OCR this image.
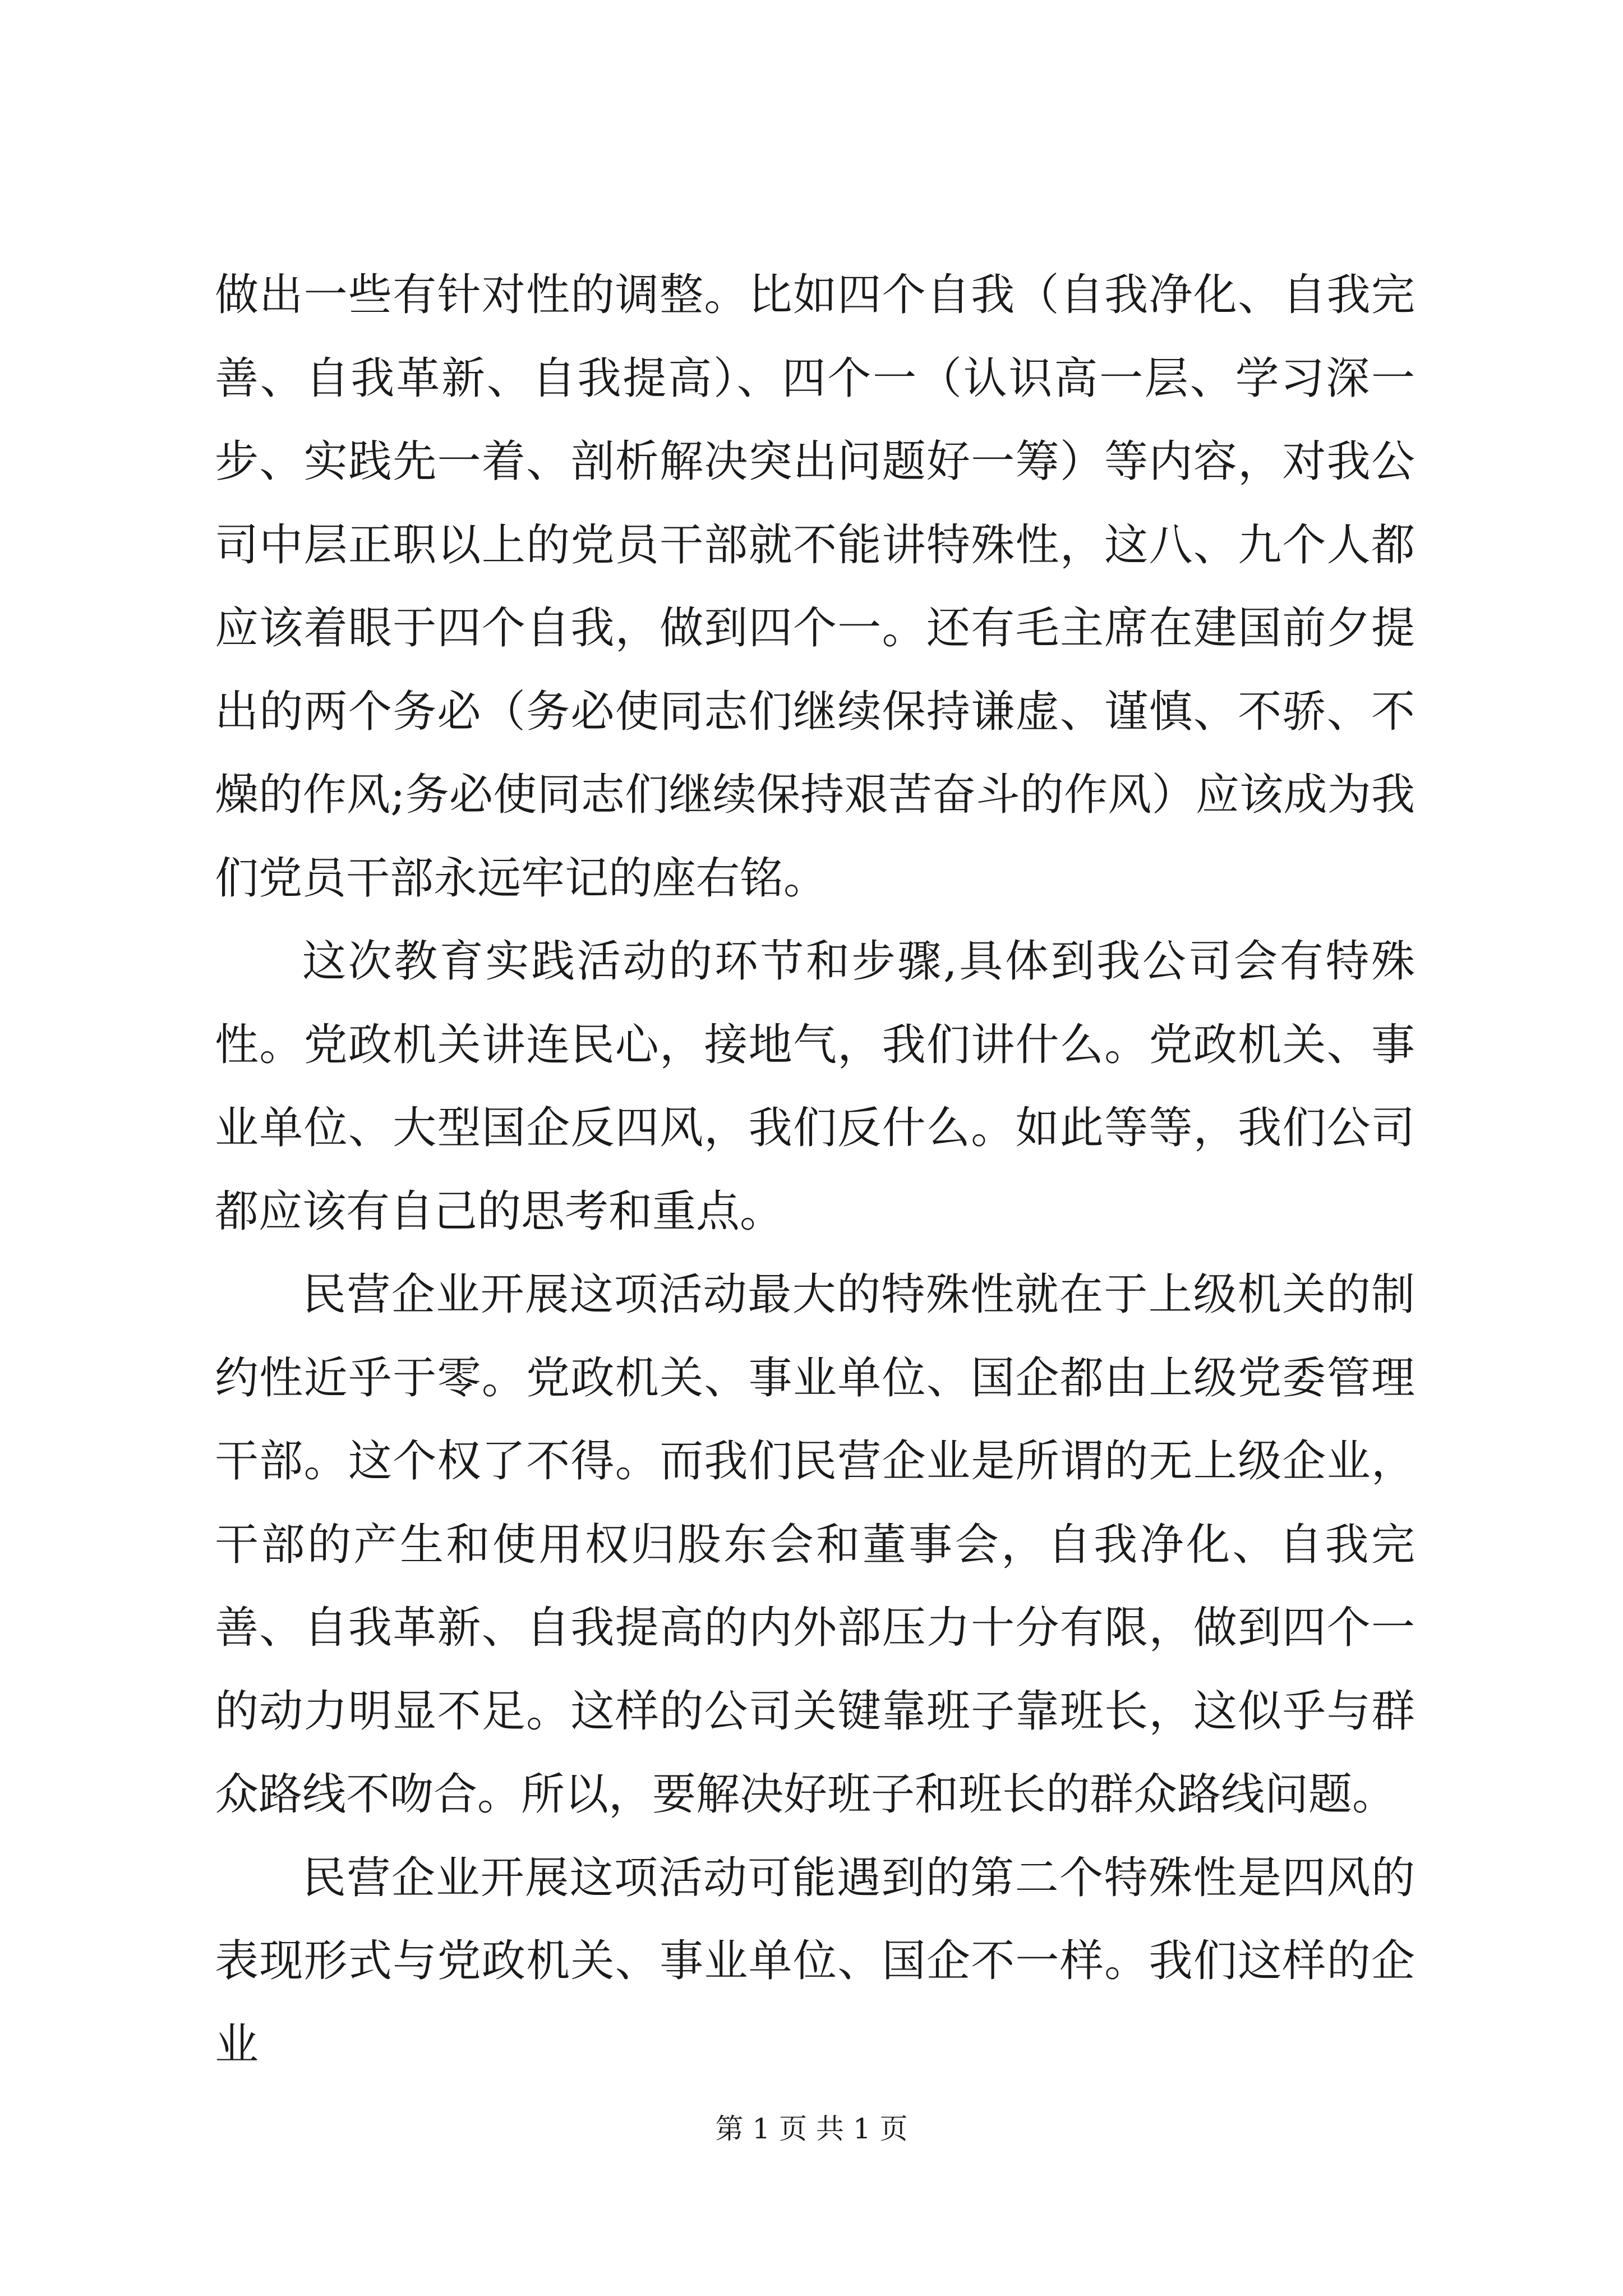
做出一些有针对性的调整。比如四个自我（自我净化、自我完善、自我革新、自我提高）、四个一（认识高一层、学习深一步、实践先一着、剖析解决突出问题好一筹）等内容，对我公司中层正职以上的党员干部就不能讲特殊性，这八、九个人都应该着眼于四个自我，做到四个一。还有毛主席在建国前夕提出的两个务必（务必使同志们继续保持谦虚、谨慎、不骄、不燥的作风;务必使同志们继续保持艰苦奋斗的作风）应该成为我们党员干部永远牢记的座右铭。

这次教育实践活动的环节和步骤,具体到我公司会有特殊性。党政机关讲连民心，接地气，我们讲什么。党政机关、事业单位、大型国企反四风，我们反什么。如此等等，我们公司都应该有自己的思考和重点。

民营企业开展这项活动最大的特殊性就在于上级机关的制约性近乎于零。党政机关、事业单位、国企都由上级党委管理干部。这个权了不得。而我们民营企业是所谓的无上级企业，干部的产生和使用权归股东会和董事会，自我净化、自我完善、自我革新、自我提高的内外部压力十分有限，做到四个一的动力明显不足。这样的公司关键靠班子靠班长，这似乎与群众路线不吻合。所以，要解决好班子和班长的群众路线问题。

民营企业开展这项活动可能遇到的第二个特殊性是四风的表现形式与党政机关、事业单位、国企不一样。我们这样的企业

第 1 页 共 1 页
